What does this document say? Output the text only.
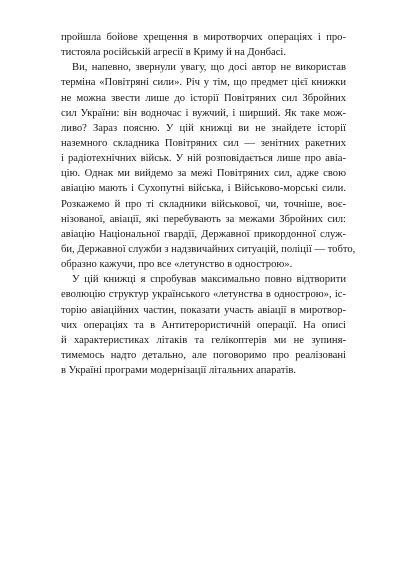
пройшла бойове хрещення в миротворчих операціях і про-
тистояла російській агресії в Криму й на Донбасі.
Ви, напевно, звернули увагу, що досі автор не використав
терміна «Повітряні сили». Річ у тім, що предмет цієї книжки
не можна звести лише до історії Повітряних сил Збройних
сил України: він водночас і вужчий, і ширший. Як таке мож-
ливо? Зараз поясню. У цій книжці ви не знайдете історії
наземного складника Повітряних сил — зенітних ракетних
і радіотехнічних військ. У ній розповідається лише про авіа-
цію. Однак ми вийдемо за межі Повітряних сил, адже свою
авіацію мають і Сухопутні війська, і Військово-морські сили.
Розкажемо й про ті складники військової, чи, точніше, воє-
нізованої, авіації, які перебувають за межами Збройних сил:
авіацію Національної гвардії, Державної прикордонної служ-
би, Державної служби з надзвичайних ситуацій, поліції — тобто,
образно кажучи, про все «летунство в однострою».
У цій книжці я спробував максимально повно відтворити
еволюцію структур українського «летунства в однострою», іс-
торію авіаційних частин, показати участь авіації в миротвор-
чих операціях та в Антитерористичній операції. На описі
й характеристиках літаків та гелікоптерів ми не зупиня-
тимемось надто детально, але поговоримо про реалізовані
в Україні програми модернізації літальних апаратів.
